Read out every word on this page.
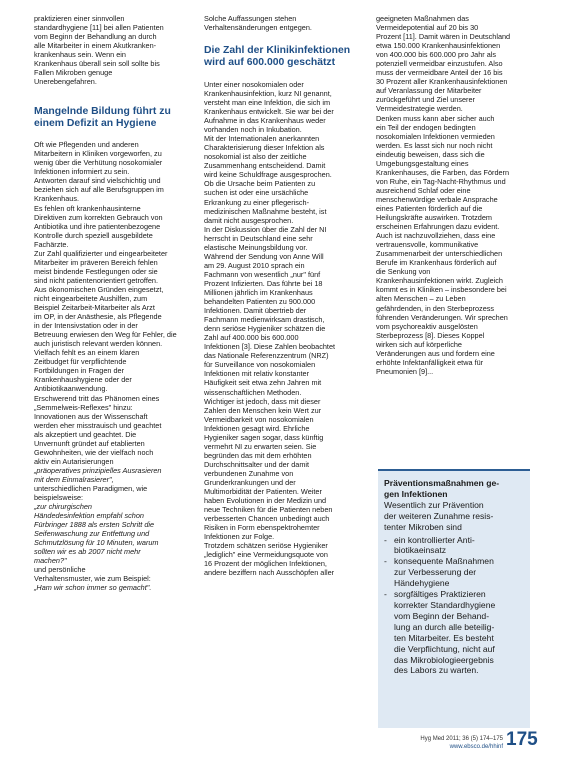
praktizieren einer sinnvollen
standardhygiene [11] bei allen Patienten
vom Beginn der Behandlung an durch
alle Mitarbeiter in einem Akutkranken-
krankenhaus sein. Wenn ein
Krankenhaus überall sein soll sollte bis
Fallen Mikroben genuge
Unerebengefahren.

Mangelnde Bildung führt zu
einem Defizit an Hygiene

Oft wie Pflegenden und anderen
Mitarbeitern in Kliniken vorgeworfen, zu
wenig über die Verhütung nosokomialer
Infektionen informiert zu sein.
Antworten darauf sind vielschichtig und
beziehen sich auf alle Berufsgruppen im
Krankenhaus.
Es fehlen oft krankenhausinterne
Direktiven zum korrekten Gebrauch von
Antibiotika und ihre patientenbezogene
Kontrolle durch speziell ausgebildete
Fachärzte.
Zur Zahl qualifizierter und eingearbeiteter
Mitarbeiter im präveren Bereich fehlen
meist bindende Festlegungen oder sie
sind nicht patientenorientiert getroffen.
Aus ökonomischen Gründen eingesetzt,
nicht eingearbeitete Aushilfen, zum
Beispiel Zeitarbeit-Mitarbeiter als Arzt
im OP, in der Anästhesie, als Pflegende
in der Intensivstation oder in der
Betreuung erwiesen den Weg für Fehler, die
auch juristisch relevant werden können.
Vielfach fehlt es an einem klaren
Zeitbudget für verpflichtende
Fortbildungen in Fragen der
Krankenhaushygiene oder der
Antibiotikaanwendung.
Erschwerend tritt das Phänomen eines
„Semmelweis-Reflexes" hinzu:
Innovationen aus der Wissenschaft
werden eher misstrauisch und geachtet
als akzeptiert und geachtet. Die
Unvernunft gründet auf etablierten
Gewohnheiten, wie der vielfach noch
aktiv ein Autarisierungen

„präoperatives prinzipielles Ausrasieren
mit dem Einmalrasierer",

unterschiedlichen Paradigmen, wie
beispielsweise:

„zur chirurgischen
Händedesinfektion empfahl schon
Fürbringer 1888 als ersten Schritt die
Seifenwaschung zur Entfettung und
Schmutzlösung für 10 Minuten, warum
sollten wir es ab 2007 nicht mehr
machen?"

und persönliche
Verhaltensmuster, wie zum Beispiel:

„Ham wir schon immer so gemacht".

Solche Auffassungen stehen
Verhaltensänderungen entgegen.

Die Zahl der Klinikinfektionen
wird auf 600.000 geschätzt

Unter einer nosokomialen oder
Krankenhausinfektion, kurz NI genannt,
versteht man eine Infektion, die sich im
Krankenhaus entwickelt. Sie war bei der
Aufnahme in das Krankenhaus weder
vorhanden noch in Inkubation.
Mit der Internationalen anerkannten
Charakterisierung dieser Infektion als
nosokomial ist also der zeitliche
Zusammenhang entscheidend. Damit
wird keine Schuldfrage ausgesprochen.
Ob die Ursache beim Patienten zu
suchen ist oder eine ursächliche
Erkrankung zu einer pflegerisch-
medizinischen Maßnahme besteht, ist
damit nicht ausgesprochen.
In der Diskussion über die Zahl der NI
herrscht in Deutschland eine sehr
elastische Meinungsbildung vor.
Während der Sendung von Anne Will
am 29. August 2010 sprach ein
Fachmann von wesentlich „nur" fünf
Prozent Infizierten. Das führte bei 18
Millionen jährlich im Krankenhaus
behandelten Patienten zu 900.000
Infektionen. Damit übertrieb der
Fachmann medienwirksam drastisch,
denn seriöse Hygieniker schätzen die
Zahl auf 400.000 bis 600.000
Infektionen [3]. Diese Zahlen beobachtet
das Nationale Referenzzentrum (NRZ)
für Surveillance von nosokomialen
Infektionen mit relativ konstanter
Häufigkeit seit etwa zehn Jahren mit
wissenschaftlichen Methoden.
Wichtiger ist jedoch, dass mit dieser
Zahlen den Menschen kein Wert zur
Vermeidbarkeit von nosokomialen
Infektionen gesagt wird. Ehrliche
Hygieniker sagen sogar, dass künftig
vermehrt NI zu erwarten seien. Sie
begründen das mit dem erhöhten
Durchschnittsalter und der damit
verbundenen Zunahme von
Grunderkrankungen und der
Multimorbidität der Patienten. Weiter
haben Evolutionen in der Medizin und
neue Techniken für die Patienten neben
verbesserten Chancen unbedingt auch
Risiken in Form ebenspektrohemter
Infektionen zur Folge.
Trotzdem schätzen seriöse Hygieniker
„lediglich" eine Vermeidungsquote von
16 Prozent der möglichen Infektionen,
andere beziffern nach Ausschöpfen aller

geeigneten Maßnahmen das
Vermeidepotential auf 20 bis 30
Prozent [11]. Damit wären in Deutschland
etwa 150.000 Krankenhausinfektionen
von 400.000 bis 600.000 pro Jahr als
potenziell vermeidbar einzustufen. Also
muss der vermeidbare Anteil der 16 bis
30 Prozent aller Krankenhausinfektionen
auf Veranlassung der Mitarbeiter
zurückgeführt und Ziel unserer
Vermeidestrategie werden.
Denken muss kann aber sicher auch
ein Teil der endogen bedingten
nosokomialen Infektionen vermieden
werden. Es lasst sich nur noch nicht
eindeutig beweisen, dass sich die
Umgebungsgestaltung eines
Krankenhauses, die Farben, das Fördern
von Ruhe, ein Tag-Nacht-Rhythmus und
ausreichend Schlaf oder eine
menschenwürdige verbale Ansprache
eines Patienten förderlich auf die
Heilungskräfte auswirken. Trotzdem
erscheinen Erfahrungen dazu evident.
Auch ist nachzuvollziehen, dass eine
vertrauensvolle, kommunikative
Zusammenarbeit der unterschiedlichen
Berufe im Krankenhaus förderlich auf
die Senkung von
Krankenhausinfektionen wirkt. Zugleich
kommt es in Kliniken – insbesondere bei
alten Menschen – zu Leben
gefährdenden, in den Sterbeprozess
führenden Veränderungen. Wir sprechen
vom psychoreaktiv ausgelösten
Sterbeprozess [8]. Dieses Koppel
wirken sich auf körperliche
Veränderungen aus und fordern eine
erhöhte Infektanfälligkeit etwa für
Pneumonien [9]...

Präventionsmaßnahmen ge-
gen Infektionen

Wesentlich zur Prävention
der weiteren Zunahme resis-
tenter Mikroben sind

- ein kontrollierter Anti-
biotikaeinsatz
- konsequente Maßnahmen
zur Verbesserung der
Händehygiene
- sorgfältiges Praktizieren
korrekter Standardhygiene
vom Beginn der Behand-
lung an durch alle beteilig-
ten Mitarbeiter. Es besteht
die Verpflichtung, nicht auf
das Mikrobiologieergebnis
des Labors zu warten.
Hyg Med 2011; 36 (5) 174–175
www.ebsco.de/hhinf 175
